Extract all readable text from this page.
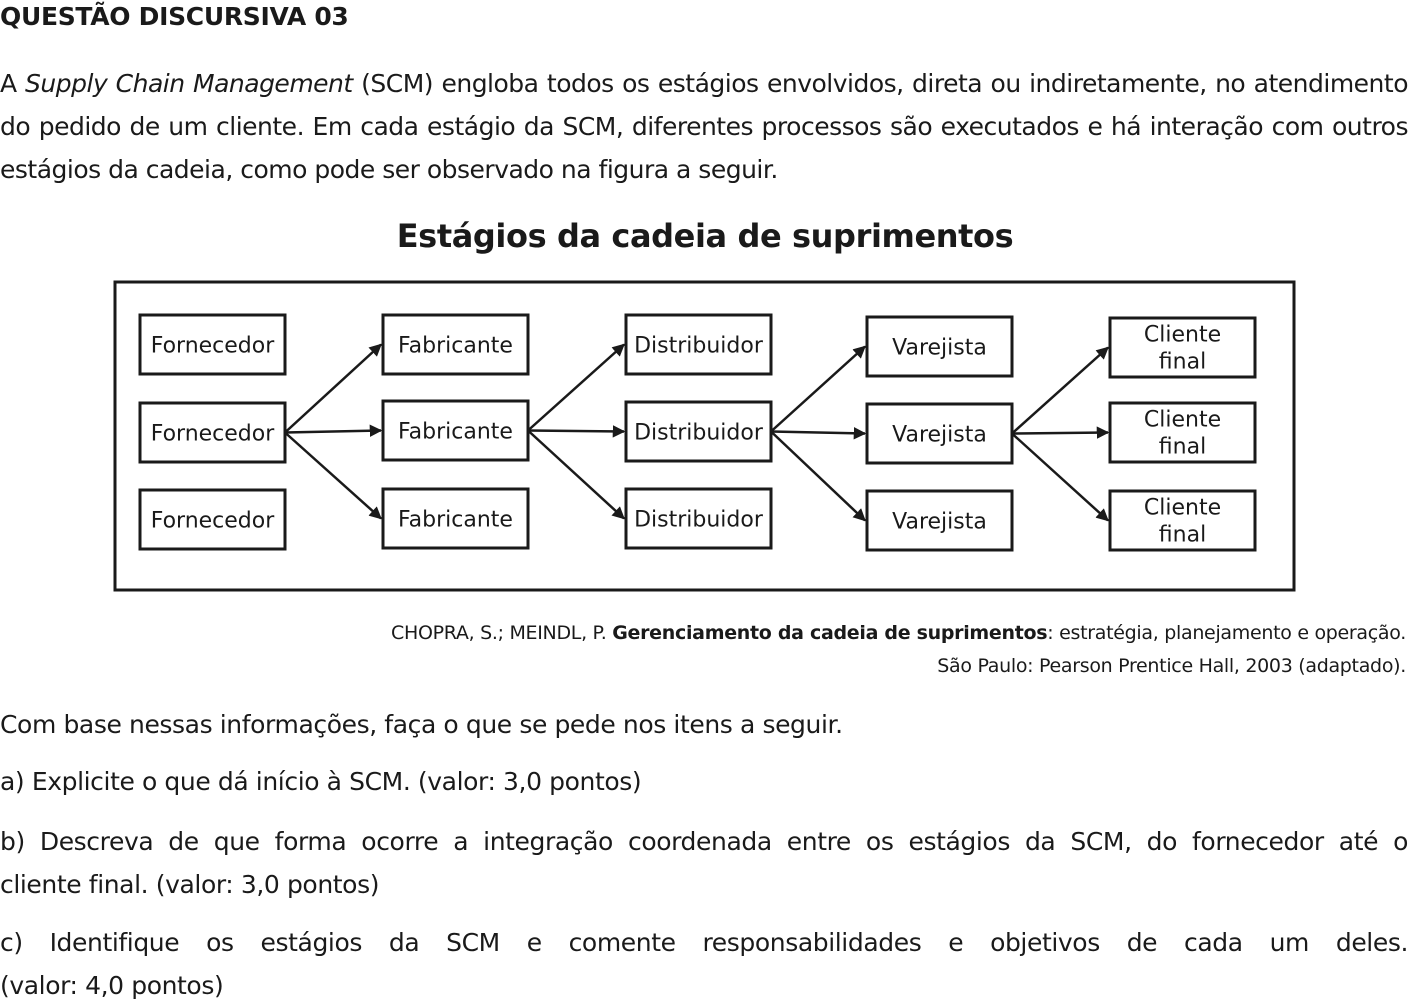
QUESTÃO DISCURSIVA 03
A Supply Chain Management (SCM) engloba todos os estágios envolvidos, direta ou indiretamente, no atendimento do pedido de um cliente. Em cada estágio da SCM, diferentes processos são executados e há interação com outros estágios da cadeia, como pode ser observado na figura a seguir.
Estágios da cadeia de suprimentos
Fornecedor
Fornecedor
Fornecedor
Fabricante
Fabricante
Fabricante
Distribuidor
Distribuidor
Distribuidor
Varejista
Varejista
Varejista
Cliente
final
Cliente
final
Cliente
final
CHOPRA, S.; MEINDL, P. Gerenciamento da cadeia de suprimentos: estratégia, planejamento e operação.
São Paulo: Pearson Prentice Hall, 2003 (adaptado).
Com base nessas informações, faça o que se pede nos itens a seguir.
a) Explicite o que dá início à SCM. (valor: 3,0 pontos)
b) Descreva de que forma ocorre a integração coordenada entre os estágios da SCM, do fornecedor até o
cliente final. (valor: 3,0 pontos)
c) Identifique os estágios da SCM e comente responsabilidades e objetivos de cada um deles.
(valor: 4,0 pontos)
